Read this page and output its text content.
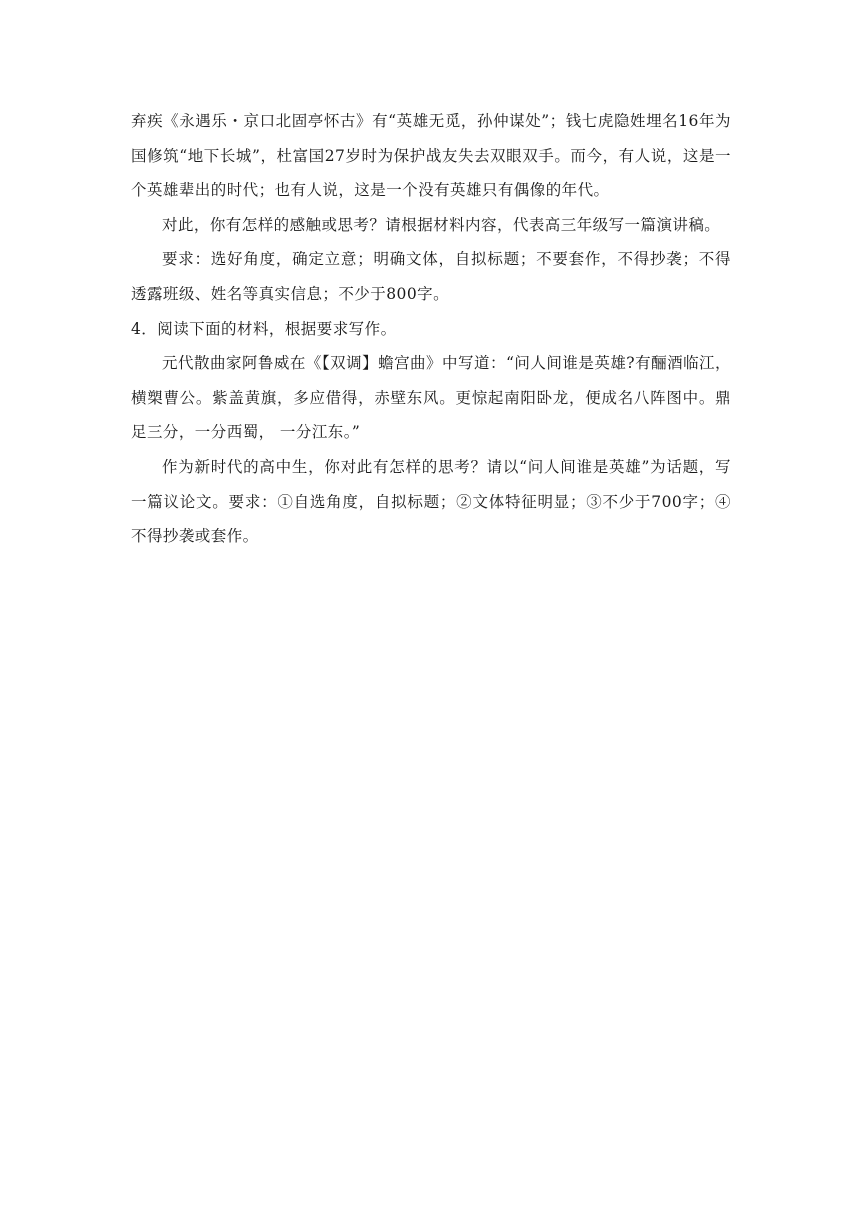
弃疾《永遇乐・京口北固亭怀古》有“英雄无觅，孙仲谋处”；钱七虎隐姓埋名16年为国修筑“地下长城”，杜富国27岁时为保护战友失去双眼双手。而今，有人说，这是一个英雄辈出的时代；也有人说，这是一个没有英雄只有偶像的年代。

对此，你有怎样的感触或思考？请根据材料内容，代表高三年级写一篇演讲稿。

要求：选好角度，确定立意；明确文体，自拟标题；不要套作，不得抄袭；不得透露班级、姓名等真实信息；不少于800字。

4．阅读下面的材料，根据要求写作。

元代散曲家阿鲁威在《【双调】蟾宫曲》中写道：“问人间谁是英雄?有酾酒临江，横槊曹公。紫盖黄旗，多应借得，赤壁东风。更惊起南阳卧龙，便成名八阵图中。鼎足三分，一分西蜀， 一分江东。”

作为新时代的高中生，你对此有怎样的思考？请以“问人间谁是英雄”为话题，写一篇议论文。要求：①自选角度，自拟标题；②文体特征明显；③不少于700字；④不得抄袭或套作。
